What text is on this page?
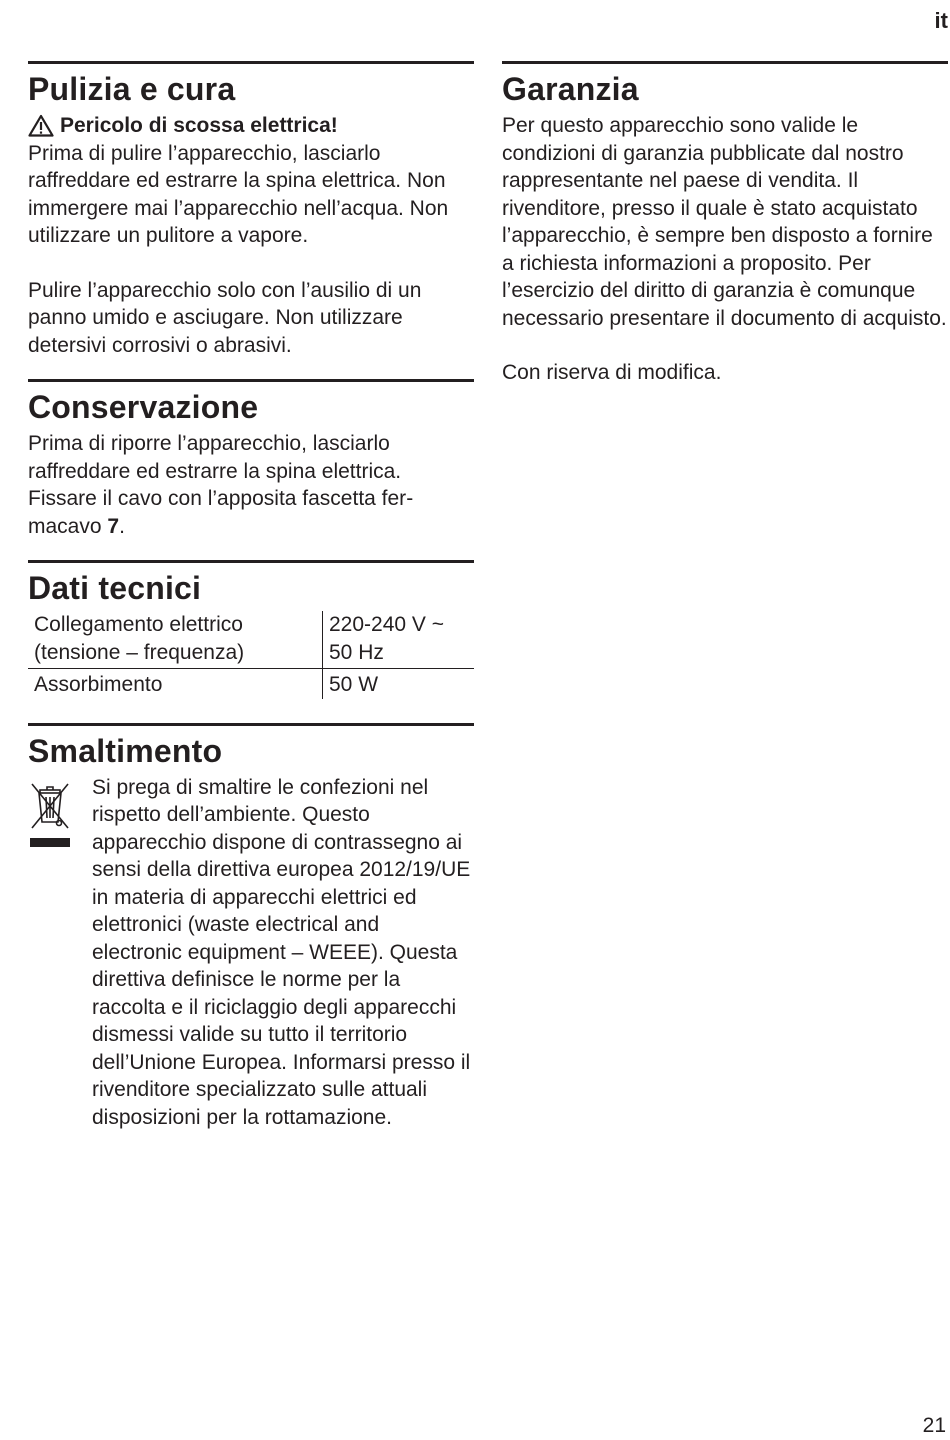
it
Pulizia e cura

Pericolo di scossa elettrica!

Prima di pulire l’apparecchio, lasciarlo raffreddare ed estrarre la spina elettrica. Non immergere mai l’apparecchio nell’acqua. Non utilizzare un pulitore a vapore.

Pulire l’apparecchio solo con l’ausilio di un panno umido e asciugare. Non utilizzare detersivi corrosivi o abrasivi.

Conservazione

Prima di riporre l’apparecchio, lasciarlo raffreddare ed estrarre la spina elettrica. Fissare il cavo con l’apposita fascetta fermacavo 7.

Dati tecnici
Collegamento elettrico (tensione – frequenza)	220-240 V ~ 50 Hz
Assorbimento	50 W
Smaltimento

Si prega di smaltire le confezioni nel rispetto dell’ambiente. Questo apparecchio dispone di contrassegno ai sensi della direttiva europea 2012/19/UE in materia di apparecchi elettrici ed elettronici (waste electrical and electronic equipment – WEEE). Questa direttiva definisce le norme per la raccolta e il riciclaggio degli apparecchi dismessi valide su tutto il territorio dell’Unione Europea. Informarsi presso il rivenditore specializzato sulle attuali disposizioni per la rottamazione.

Garanzia

Per questo apparecchio sono valide le condizioni di garanzia pubblicate dal nostro rappresentante nel paese di vendita. Il rivenditore, presso il quale è stato acquistato l’apparecchio, è sempre ben disposto a fornire a richiesta informazioni a proposito. Per l’esercizio del diritto di garanzia è comunque necessario presentare il documento di acquisto.

Con riserva di modifica.

21
